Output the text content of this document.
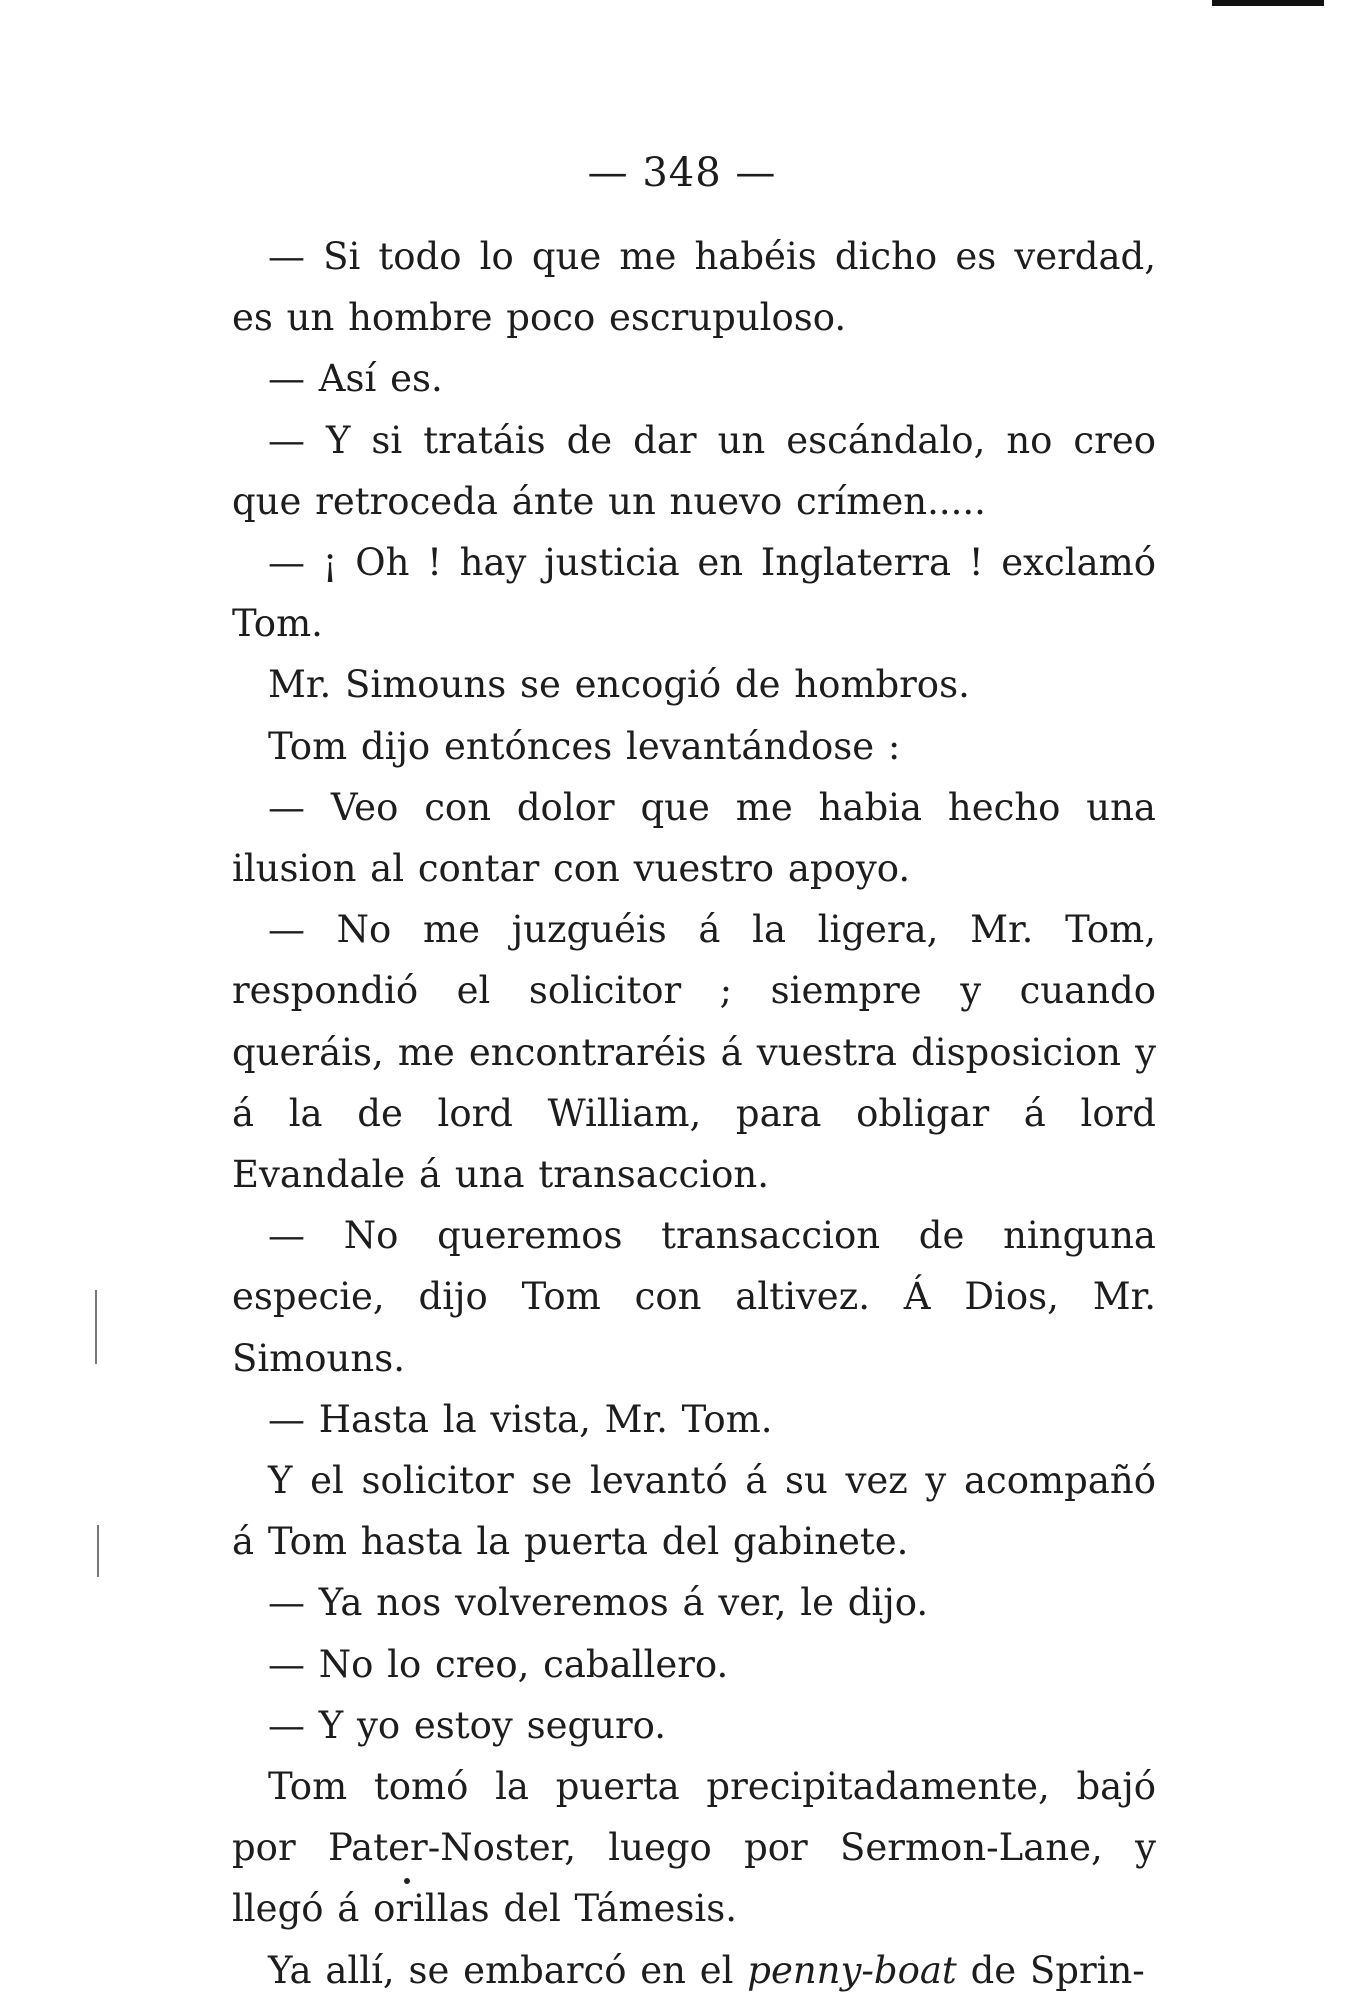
— 348 —

— Si todo lo que me habéis dicho es verdad, es un hombre poco escrupuloso.

— Así es.

— Y si tratáis de dar un escándalo, no creo que retroceda ánte un nuevo crímen.....

— ¡ Oh ! hay justicia en Inglaterra ! exclamó Tom.

Mr. Simouns se encogió de hombros.

Tom dijo entónces levantándose :

— Veo con dolor que me habia hecho una ilusion al contar con vuestro apoyo.

— No me juzguéis á la ligera, Mr. Tom, respondió el solicitor ; siempre y cuando queráis, me encontraréis á vuestra disposicion y á la de lord William, para obligar á lord Evandale á una transaccion.

— No queremos transaccion de ninguna especie, dijo Tom con altivez. Á Dios, Mr. Simouns.

— Hasta la vista, Mr. Tom.

Y el solicitor se levantó á su vez y acompañó á Tom hasta la puerta del gabinete.

— Ya nos volveremos á ver, le dijo.

— No lo creo, caballero.

— Y yo estoy seguro.

Tom tomó la puerta precipitadamente, bajó por Pater-Noster, luego por Sermon-Lane, y llegó á orillas del Támesis.

Ya allí, se embarcó en el penny-boat de Sprin-
